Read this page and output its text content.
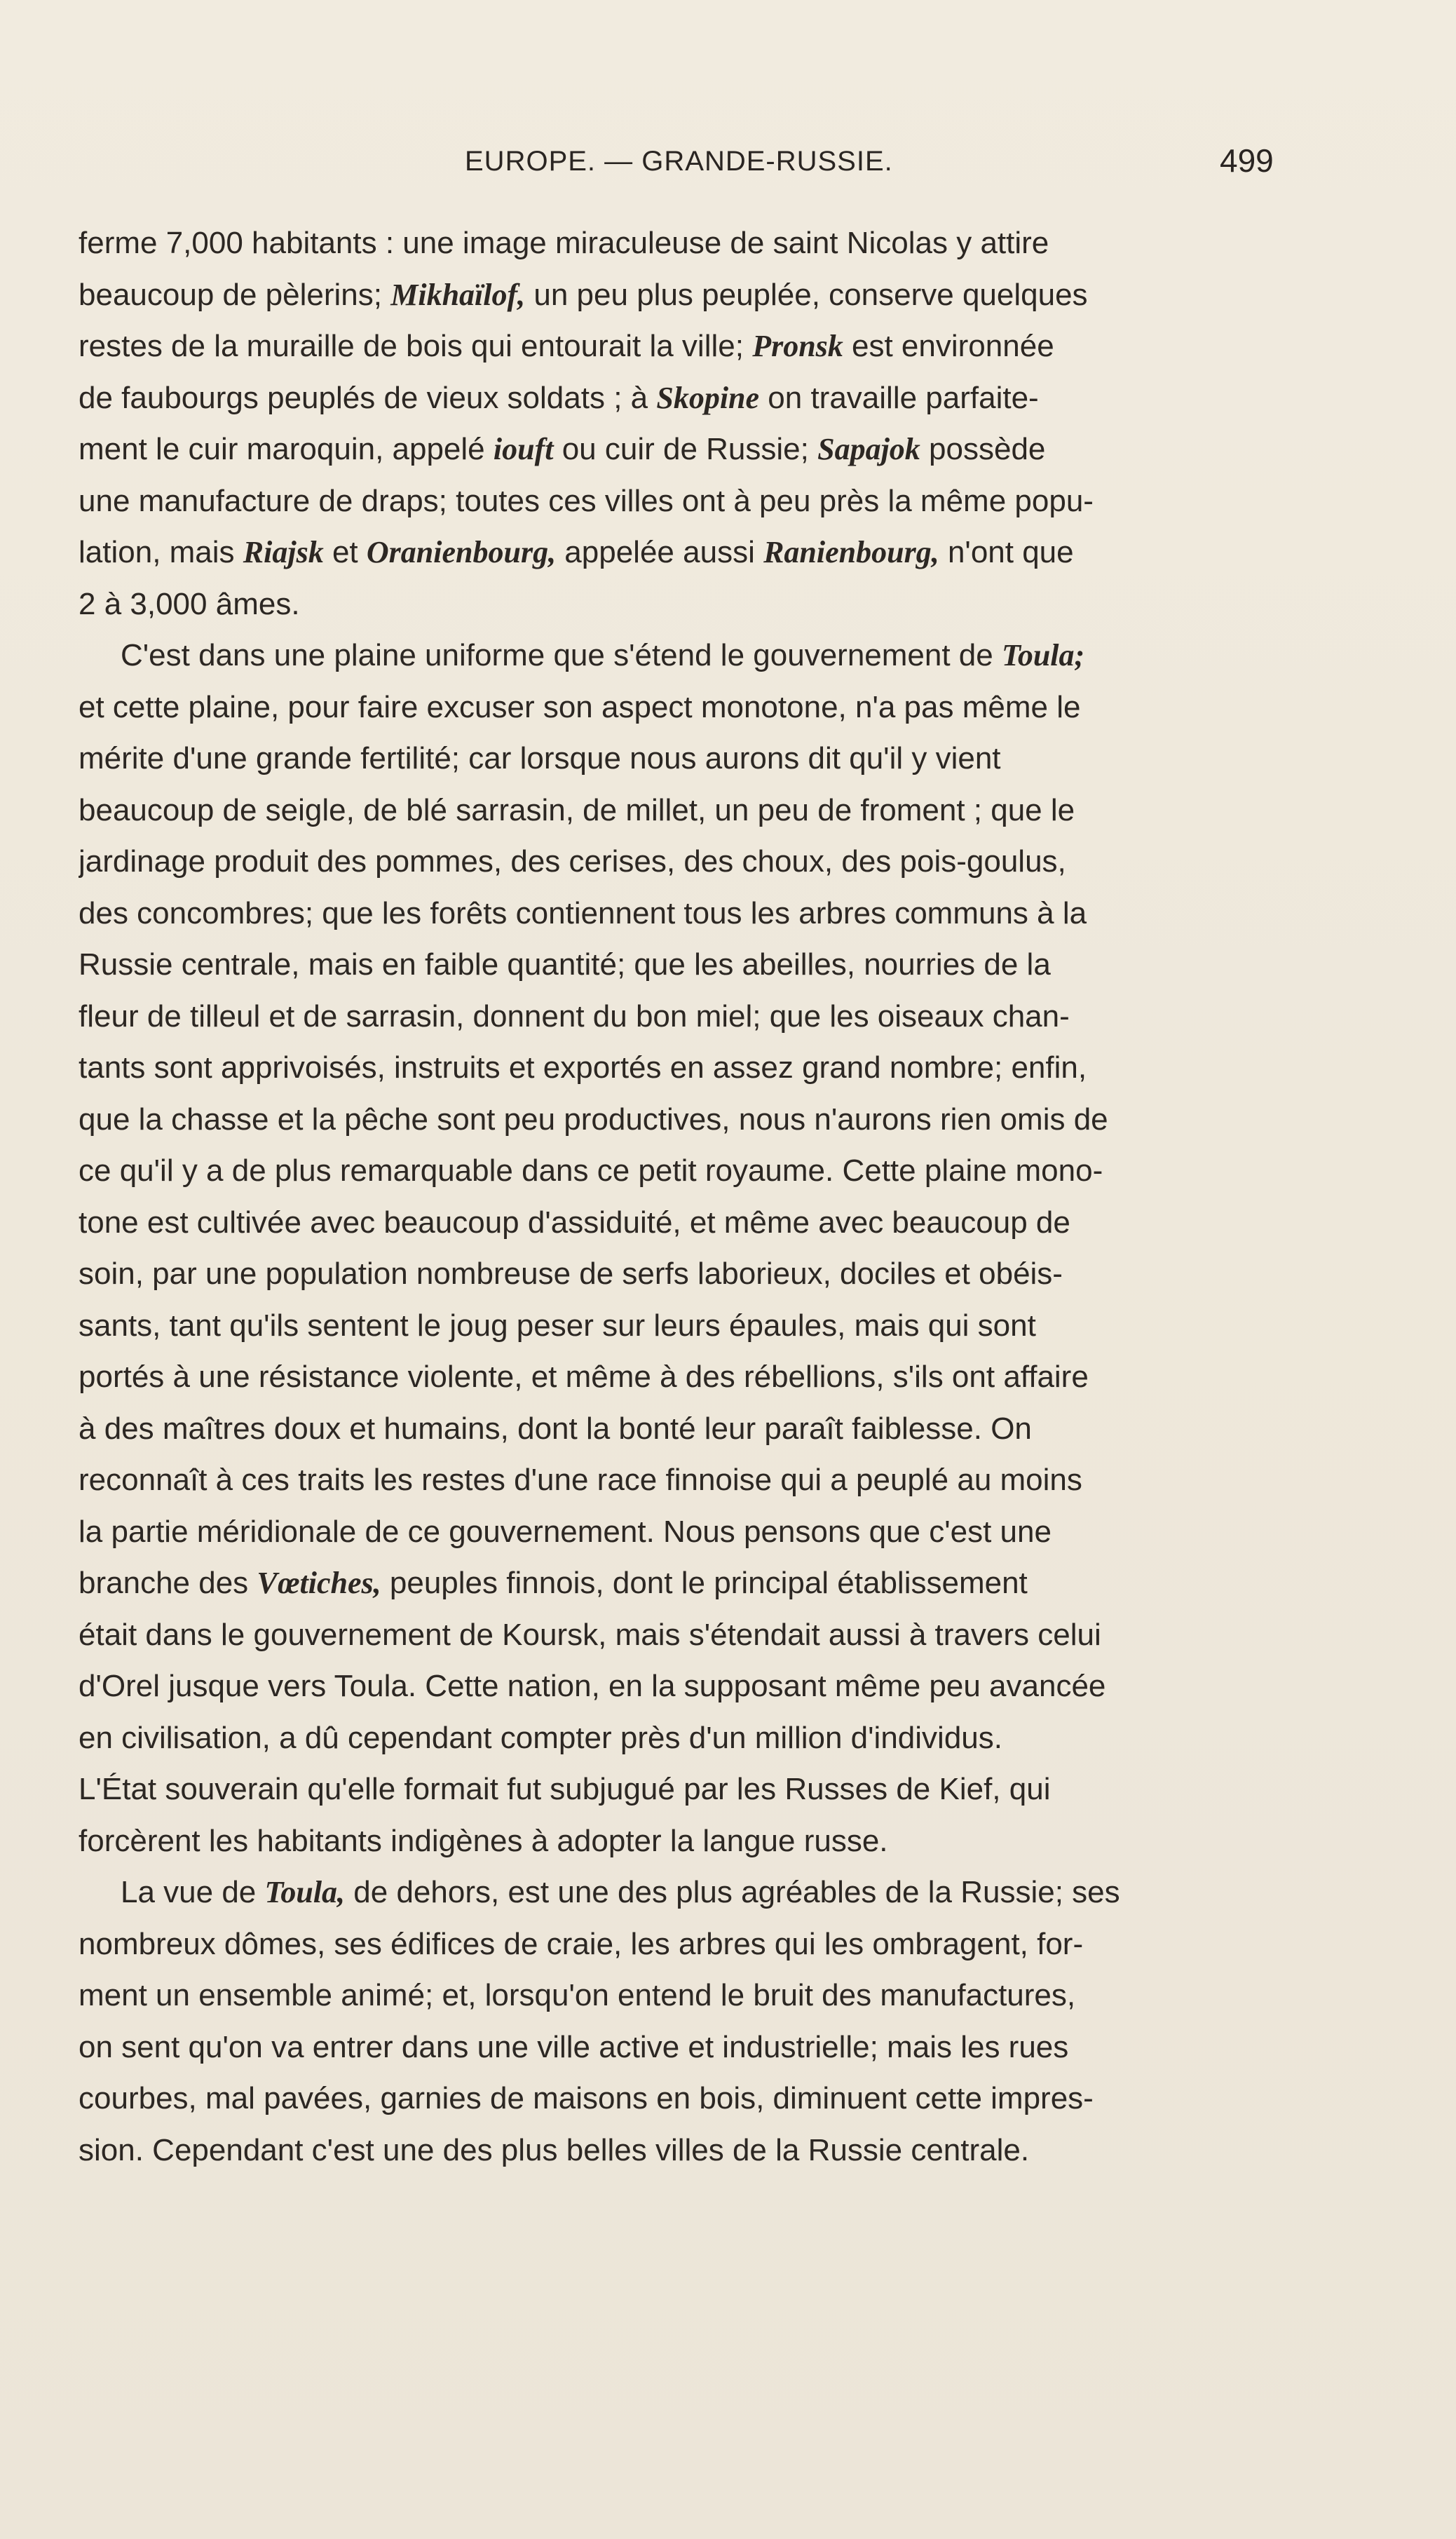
EUROPE. — GRANDE-RUSSIE.	499
ferme 7,000 habitants : une image miraculeuse de saint Nicolas y attire
beaucoup de pèlerins; Mikhaïlof, un peu plus peuplée, conserve quelques
restes de la muraille de bois qui entourait la ville; Pronsk est environnée
de faubourgs peuplés de vieux soldats ; à Skopine on travaille parfaite-
ment le cuir maroquin, appelé iouft ou cuir de Russie; Sapajok possède
une manufacture de draps; toutes ces villes ont à peu près la même popu-
lation, mais Riajsk et Oranienbourg, appelée aussi Ranienbourg, n'ont que
2 à 3,000 âmes.
C'est dans une plaine uniforme que s'étend le gouvernement de Toula;
et cette plaine, pour faire excuser son aspect monotone, n'a pas même le
mérite d'une grande fertilité; car lorsque nous aurons dit qu'il y vient
beaucoup de seigle, de blé sarrasin, de millet, un peu de froment ; que le
jardinage produit des pommes, des cerises, des choux, des pois-goulus,
des concombres; que les forêts contiennent tous les arbres communs à la
Russie centrale, mais en faible quantité; que les abeilles, nourries de la
fleur de tilleul et de sarrasin, donnent du bon miel; que les oiseaux chan-
tants sont apprivoisés, instruits et exportés en assez grand nombre; enfin,
que la chasse et la pêche sont peu productives, nous n'aurons rien omis de
ce qu'il y a de plus remarquable dans ce petit royaume. Cette plaine mono-
tone est cultivée avec beaucoup d'assiduité, et même avec beaucoup de
soin, par une population nombreuse de serfs laborieux, dociles et obéis-
sants, tant qu'ils sentent le joug peser sur leurs épaules, mais qui sont
portés à une résistance violente, et même à des rébellions, s'ils ont affaire
à des maîtres doux et humains, dont la bonté leur paraît faiblesse. On
reconnaît à ces traits les restes d'une race finnoise qui a peuplé au moins
la partie méridionale de ce gouvernement. Nous pensons que c'est une
branche des Vœtiches, peuples finnois, dont le principal établissement
était dans le gouvernement de Koursk, mais s'étendait aussi à travers celui
d'Orel jusque vers Toula. Cette nation, en la supposant même peu avancée
en civilisation, a dû cependant compter près d'un million d'individus.
L'État souverain qu'elle formait fut subjugué par les Russes de Kief, qui
forcèrent les habitants indigènes à adopter la langue russe.
La vue de Toula, de dehors, est une des plus agréables de la Russie; ses
nombreux dômes, ses édifices de craie, les arbres qui les ombragent, for-
ment un ensemble animé; et, lorsqu'on entend le bruit des manufactures,
on sent qu'on va entrer dans une ville active et industrielle; mais les rues
courbes, mal pavées, garnies de maisons en bois, diminuent cette impres-
sion. Cependant c'est une des plus belles villes de la Russie centrale.
